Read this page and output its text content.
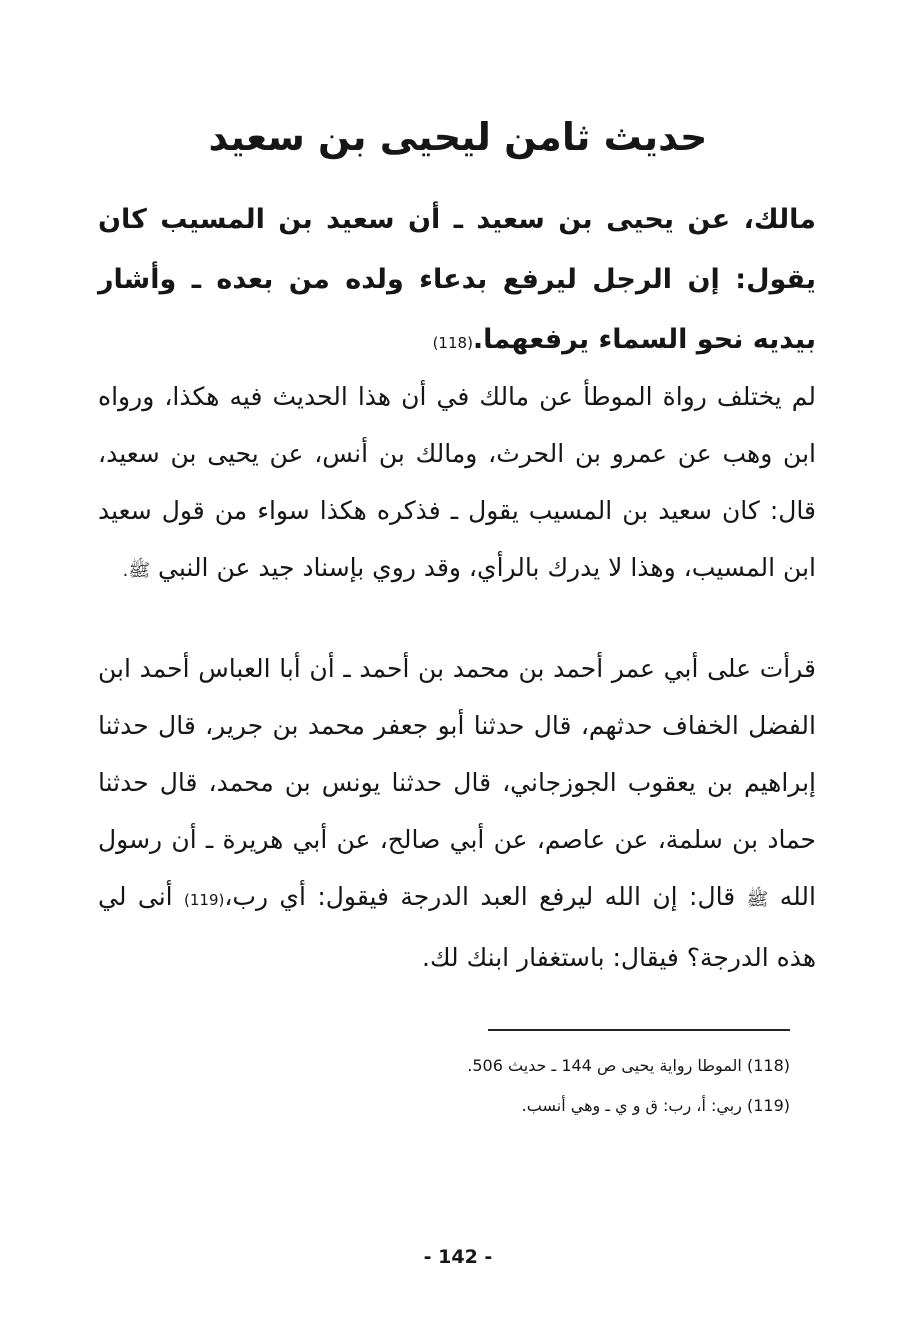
حديث ثامن ليحيى بن سعيد

مالك، عن يحيى بن سعيد ـ أن سعيد بن المسيب كان يقول: إن الرجل ليرفع بدعاء ولده من بعده ـ وأشار بيديه نحو السماء يرفعهما.(118)

لم يختلف رواة الموطأ عن مالك في أن هذا الحديث فيه هكذا، ورواه ابن وهب عن عمرو بن الحرث، ومالك بن أنس، عن يحيى بن سعيد، قال: كان سعيد بن المسيب يقول ـ فذكره هكذا سواء من قول سعيد ابن المسيب، وهذا لا يدرك بالرأي، وقد روي بإسناد جيد عن النبي ﷺ.

قرأت على أبي عمر أحمد بن محمد بن أحمد ـ أن أبا العباس أحمد ابن الفضل الخفاف حدثهم، قال حدثنا أبو جعفر محمد بن جرير، قال حدثنا إبراهيم بن يعقوب الجوزجاني، قال حدثنا يونس بن محمد، قال حدثنا حماد بن سلمة، عن عاصم، عن أبي صالح، عن أبي هريرة ـ أن رسول الله ﷺ قال: إن الله ليرفع العبد الدرجة فيقول: أي رب،(119) أنى لي هذه الدرجة؟ فيقال: باستغفار ابنك لك.

(118) الموطا رواية يحيى ص 144 ـ حديث 506.
(119) ربي: أ، رب: ق و ي ـ وهي أنسب.
- 142 -
